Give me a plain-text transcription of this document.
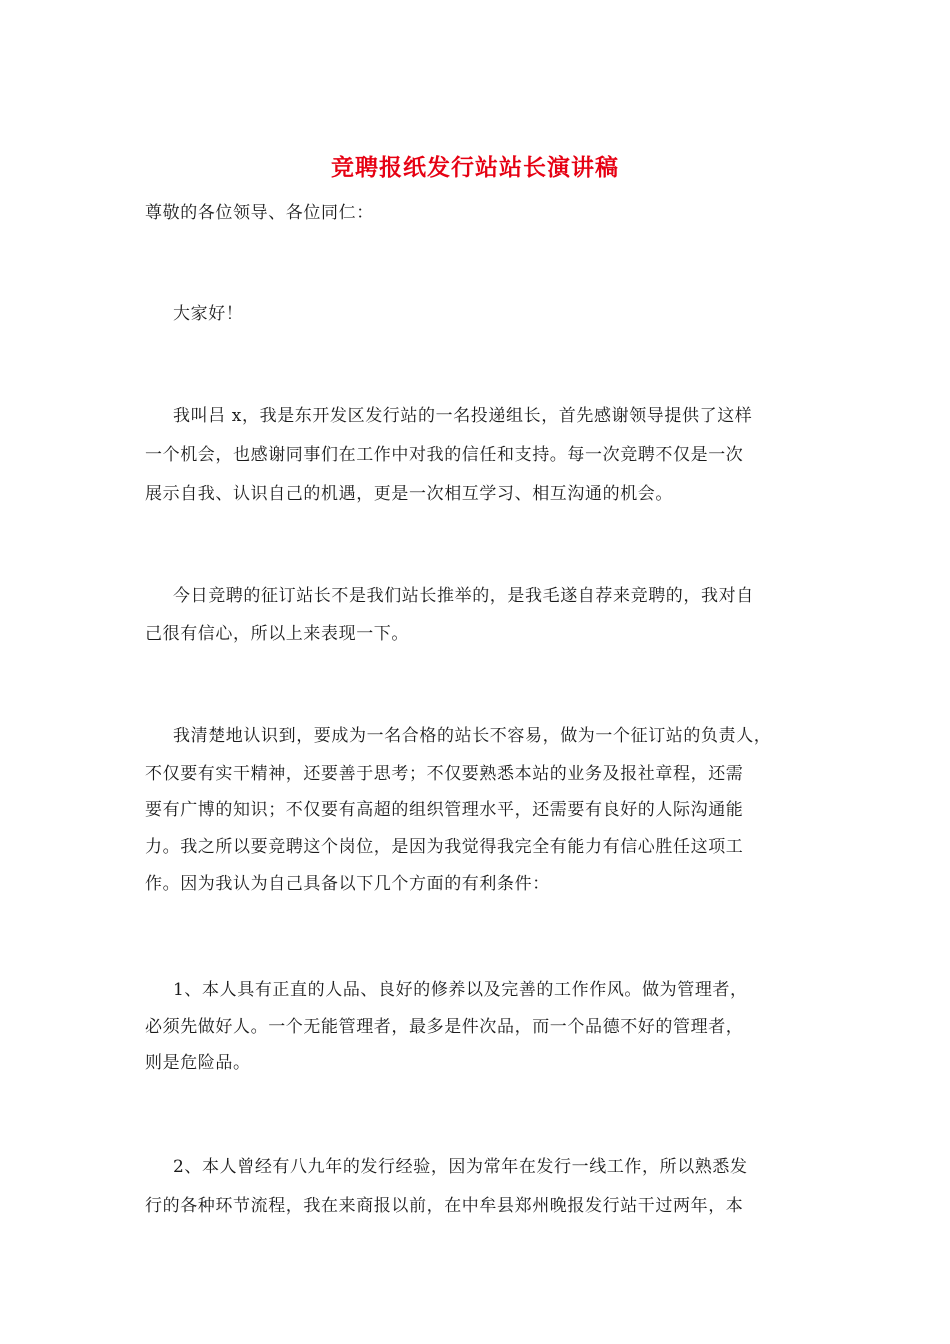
竞聘报纸发行站站长演讲稿
尊敬的各位领导、各位同仁：
大家好！
我叫吕 x，我是东开发区发行站的一名投递组长，首先感谢领导提供了这样
一个机会，也感谢同事们在工作中对我的信任和支持。每一次竞聘不仅是一次
展示自我、认识自己的机遇，更是一次相互学习、相互沟通的机会。
今日竞聘的征订站长不是我们站长推举的，是我毛遂自荐来竞聘的，我对自
己很有信心，所以上来表现一下。
我清楚地认识到，要成为一名合格的站长不容易，做为一个征订站的负责人，
不仅要有实干精神，还要善于思考；不仅要熟悉本站的业务及报社章程，还需
要有广博的知识；不仅要有高超的组织管理水平，还需要有良好的人际沟通能
力。我之所以要竞聘这个岗位，是因为我觉得我完全有能力有信心胜任这项工
作。因为我认为自己具备以下几个方面的有利条件：
1、本人具有正直的人品、良好的修养以及完善的工作作风。做为管理者，
必须先做好人。一个无能管理者，最多是件次品，而一个品德不好的管理者，
则是危险品。
2、本人曾经有八九年的发行经验，因为常年在发行一线工作，所以熟悉发
行的各种环节流程，我在来商报以前，在中牟县郑州晚报发行站干过两年，本
